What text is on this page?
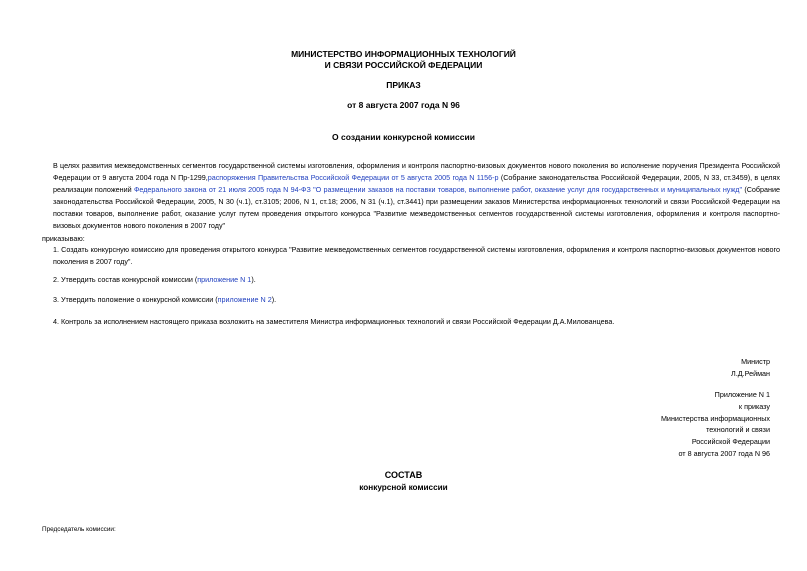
МИНИСТЕРСТВО ИНФОРМАЦИОННЫХ ТЕХНОЛОГИЙ
И СВЯЗИ РОССИЙСКОЙ ФЕДЕРАЦИИ
ПРИКАЗ
от 8 августа 2007 года N 96
О создании конкурсной комиссии
В целях развития межведомственных сегментов государственной системы изготовления, оформления и контроля паспортно-визовых документов нового поколения во исполнение поручения Президента Российской Федерации от 9 августа 2004 года N Пр-1299,распоряжения Правительства Российской Федерации от 5 августа 2005 года N 1156-р (Собрание законодательства Российской Федерации, 2005, N 33, ст.3459), в целях реализации положений Федерального закона от 21 июля 2005 года N 94-ФЗ "О размещении заказов на поставки товаров, выполнение работ, оказание услуг для государственных и муниципальных нужд" (Собрание законодательства Российской Федерации, 2005, N 30 (ч.1), ст.3105; 2006, N 1, ст.18; 2006, N 31 (ч.1), ст.3441) при размещении заказов Министерства информационных технологий и связи Российской Федерации на поставки товаров, выполнение работ, оказание услуг путем проведения открытого конкурса "Развитие межведомственных сегментов государственной системы изготовления, оформления и контроля паспортно-визовых документов нового поколения в 2007 году"
приказываю:
1. Создать конкурсную комиссию для проведения открытого конкурса "Развитие межведомственных сегментов государственной системы изготовления, оформления и контроля паспортно-визовых документов нового поколения в 2007 году".
2. Утвердить состав конкурсной комиссии (приложение N 1).
3. Утвердить положение о конкурсной комиссии (приложение N 2).
4. Контроль за исполнением настоящего приказа возложить на заместителя Министра информационных технологий и связи Российской Федерации Д.А.Милованцева.
Министр
Л.Д.Рейман
Приложение N 1
к приказу
Министерства информационных
технологий и связи
Российской Федерации
от 8 августа 2007 года N 96
СОСТАВ
конкурсной комиссии
Председатель комиссии:
